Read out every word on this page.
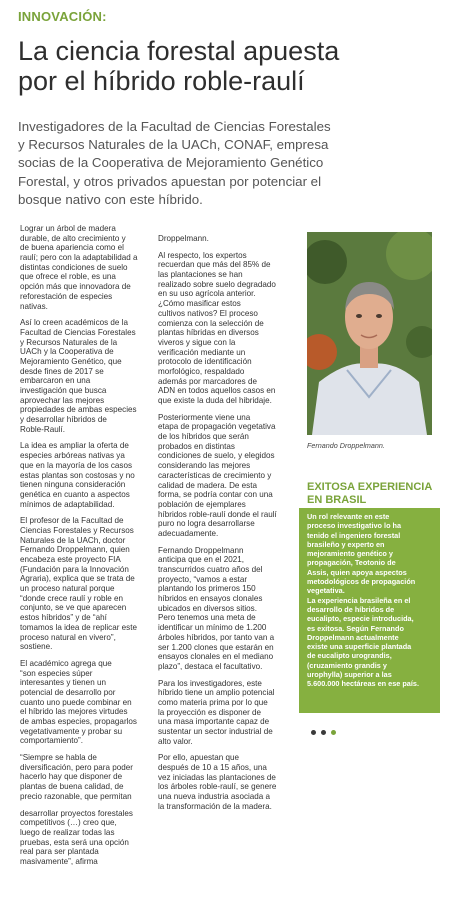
INNOVACIÓN:
La ciencia forestal apuesta
por el híbrido roble-raulí
Investigadores de la Facultad de Ciencias Forestales
y Recursos Naturales de la UACh, CONAF, empresa
socias de la Cooperativa de Mejoramiento Genético
Forestal, y otros privados apuestan por potenciar el
bosque nativo con este híbrido.
Lograr un árbol de madera
durable, de alto crecimiento y
de buena apariencia como el
raulí; pero con la adaptabilidad a
distintas condiciones de suelo
que ofrece el roble, es una
opción más que innovadora de
reforestación de especies
nativas.
Así lo creen académicos de la
Facultad de Ciencias Forestales
y Recursos Naturales de la
UACh y la Cooperativa de
Mejoramiento Genético, que
desde fines de 2017 se
embarcaron en una
investigación que busca
aprovechar las mejores
propiedades de ambas especies
y desarrollar híbridos de
Roble-Raulí.
La idea es ampliar la oferta de
especies arbóreas nativas ya
que en la mayoría de los casos
estas plantas son costosas y no
tienen ninguna consideración
genética en cuanto a aspectos
mínimos de adaptabilidad.
El profesor de la Facultad de
Ciencias Forestales y Recursos
Naturales de la UACh, doctor
Fernando Droppelmann, quien
encabeza este proyecto FIA
(Fundación para la Innovación
Agraria), explica que se trata de
un proceso natural porque
“donde crece raulí y roble en
conjunto, se ve que aparecen
estos híbridos” y de “ahí
tomamos la idea de replicar este
proceso natural en vivero”,
sostiene.
El académico agrega que
“son especies súper
interesantes y tienen un
potencial de desarrollo por
cuanto uno puede combinar en
el híbrido las mejores virtudes
de ambas especies, propagarlos
vegetativamente y probar su
comportamiento”.
“Siempre se habla de
diversificación, pero para poder
hacerlo hay que disponer de
plantas de buena calidad, de
precio razonable, que permitan
desarrollar proyectos forestales
competitivos (…) creo que,
luego de realizar todas las
pruebas, esta será una opción
real para ser plantada
masivamente”, afirma
Droppelmann.
Al respecto, los expertos
recuerdan que más del 85% de
las plantaciones se han
realizado sobre suelo degradado
en su uso agrícola anterior.
¿Cómo masificar estos
cultivos nativos? El proceso
comienza con la selección de
plantas híbridas en diversos
viveros y sigue con la
verificación mediante un
protocolo de identificación
morfológico, respaldado
además por marcadores de
ADN en todos aquellos casos en
que existe la duda del hibridaje.
Posteriormente viene una
etapa de propagación vegetativa
de los híbridos que serán
probados en distintas
condiciones de suelo, y elegidos
considerando las mejores
características de crecimiento y
calidad de madera. De esta
forma, se podría contar con una
población de ejemplares
híbridos roble-raulí donde el raulí
puro no logra desarrollarse
adecuadamente.
Fernando Droppelmann
anticipa que en el 2021,
transcurridos cuatro años del
proyecto, “vamos a estar
plantando los primeros 150
híbridos en ensayos clonales
ubicados en diversos sitios.
Pero tenemos una meta de
identificar un mínimo de 1.200
árboles híbridos, por tanto van a
ser 1.200 clones que estarán en
ensayos clonales en el mediano
plazo”, destaca el facultativo.
Para los investigadores, este
híbrido tiene un amplio potencial
como materia prima por lo que
la proyección es disponer de
una masa importante capaz de
sustentar un sector industrial de
alto valor.
Por ello, apuestan que
después de 10 a 15 años, una
vez iniciadas las plantaciones de
los árboles roble-raulí, se genere
una nueva industria asociada a
la transformación de la madera.
Fernando Droppelmann.
EXITOSA EXPERIENCIA
EN BRASIL
Un rol relevante en este
proceso investigativo lo ha
tenido el ingeniero forestal
brasileño y experto en
mejoramiento genético y
propagación, Teotonio de
Assis, quien apoya aspectos
metodológicos de propagación
vegetativa.
La experiencia brasileña en el
desarrollo de híbridos de
eucalipto, especie introducida,
es exitosa. Según Fernando
Droppelmann actualmente
existe una superficie plantada
de eucalipto urograndis,
(cruzamiento grandis y
urophylla) superior a las
5.600.000 hectáreas en ese país.
